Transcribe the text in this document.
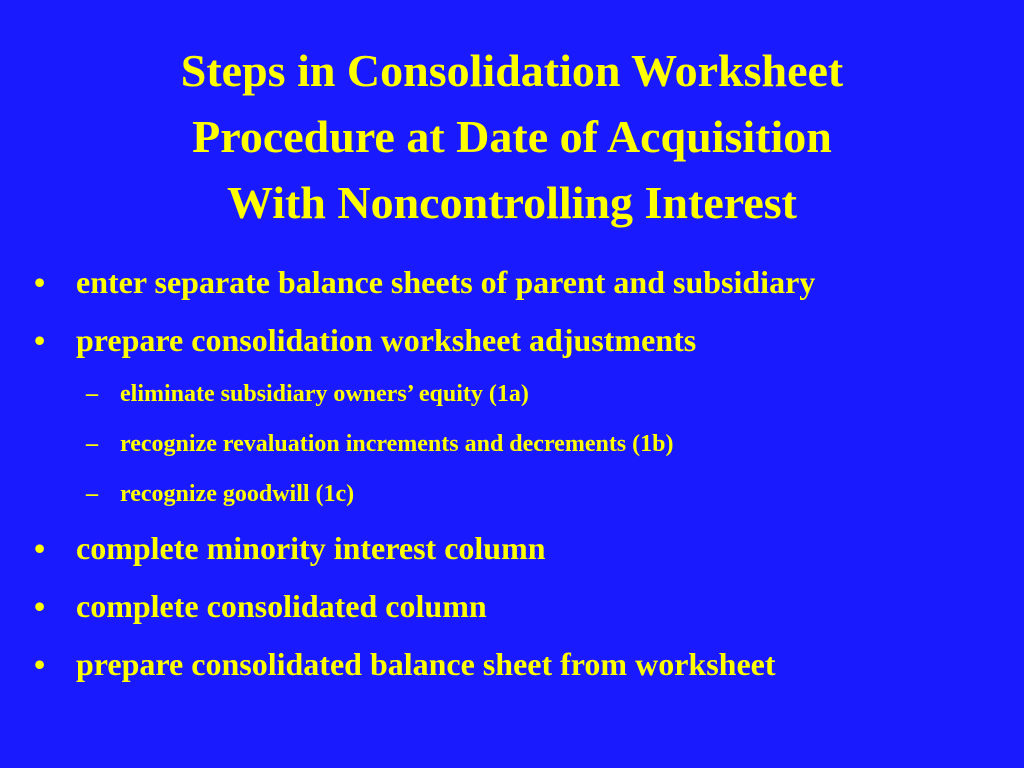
Steps in Consolidation Worksheet
Procedure at Date of Acquisition
With Noncontrolling Interest
• enter separate balance sheets of parent and subsidiary
• prepare consolidation worksheet adjustments
– eliminate subsidiary owners’ equity (1a)
– recognize revaluation increments and decrements (1b)
– recognize goodwill (1c)
• complete minority interest column
• complete consolidated column
• prepare consolidated balance sheet from worksheet
